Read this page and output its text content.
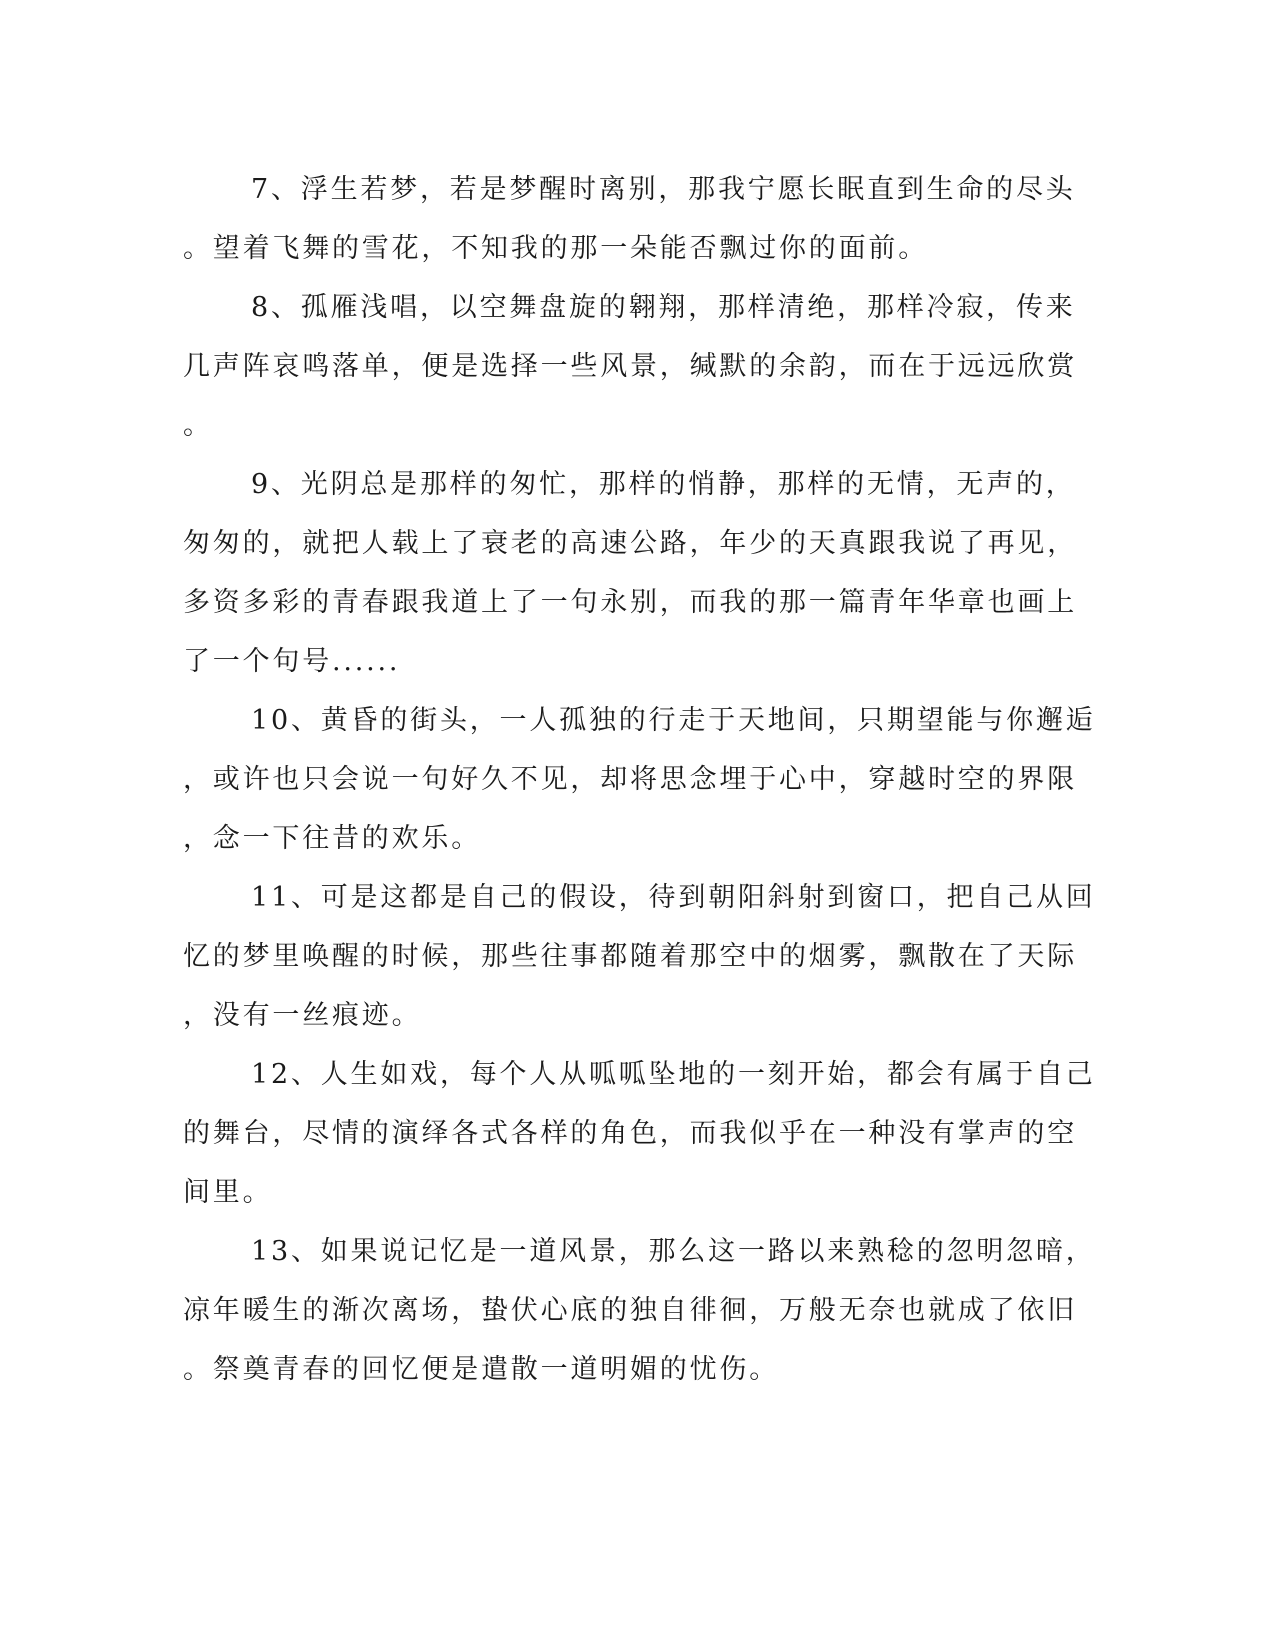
7、浮生若梦，若是梦醒时离别，那我宁愿长眠直到生命的尽头
。望着飞舞的雪花，不知我的那一朵能否飘过你的面前。
8、孤雁浅唱，以空舞盘旋的翱翔，那样清绝，那样冷寂，传来
几声阵哀鸣落单，便是选择一些风景，缄默的余韵，而在于远远欣赏
。
9、光阴总是那样的匆忙，那样的悄静，那样的无情，无声的，
匆匆的，就把人载上了衰老的高速公路，年少的天真跟我说了再见，
多资多彩的青春跟我道上了一句永别，而我的那一篇青年华章也画上
了一个句号......
10、黄昏的街头，一人孤独的行走于天地间，只期望能与你邂逅
，或许也只会说一句好久不见，却将思念埋于心中，穿越时空的界限
，念一下往昔的欢乐。
11、可是这都是自己的假设，待到朝阳斜射到窗口，把自己从回
忆的梦里唤醒的时候，那些往事都随着那空中的烟雾，飘散在了天际
，没有一丝痕迹。
12、人生如戏，每个人从呱呱坠地的一刻开始，都会有属于自己
的舞台，尽情的演绎各式各样的角色，而我似乎在一种没有掌声的空
间里。
13、如果说记忆是一道风景，那么这一路以来熟稔的忽明忽暗，
凉年暖生的渐次离场，蛰伏心底的独自徘徊，万般无奈也就成了依旧
。祭奠青春的回忆便是遣散一道明媚的忧伤。
